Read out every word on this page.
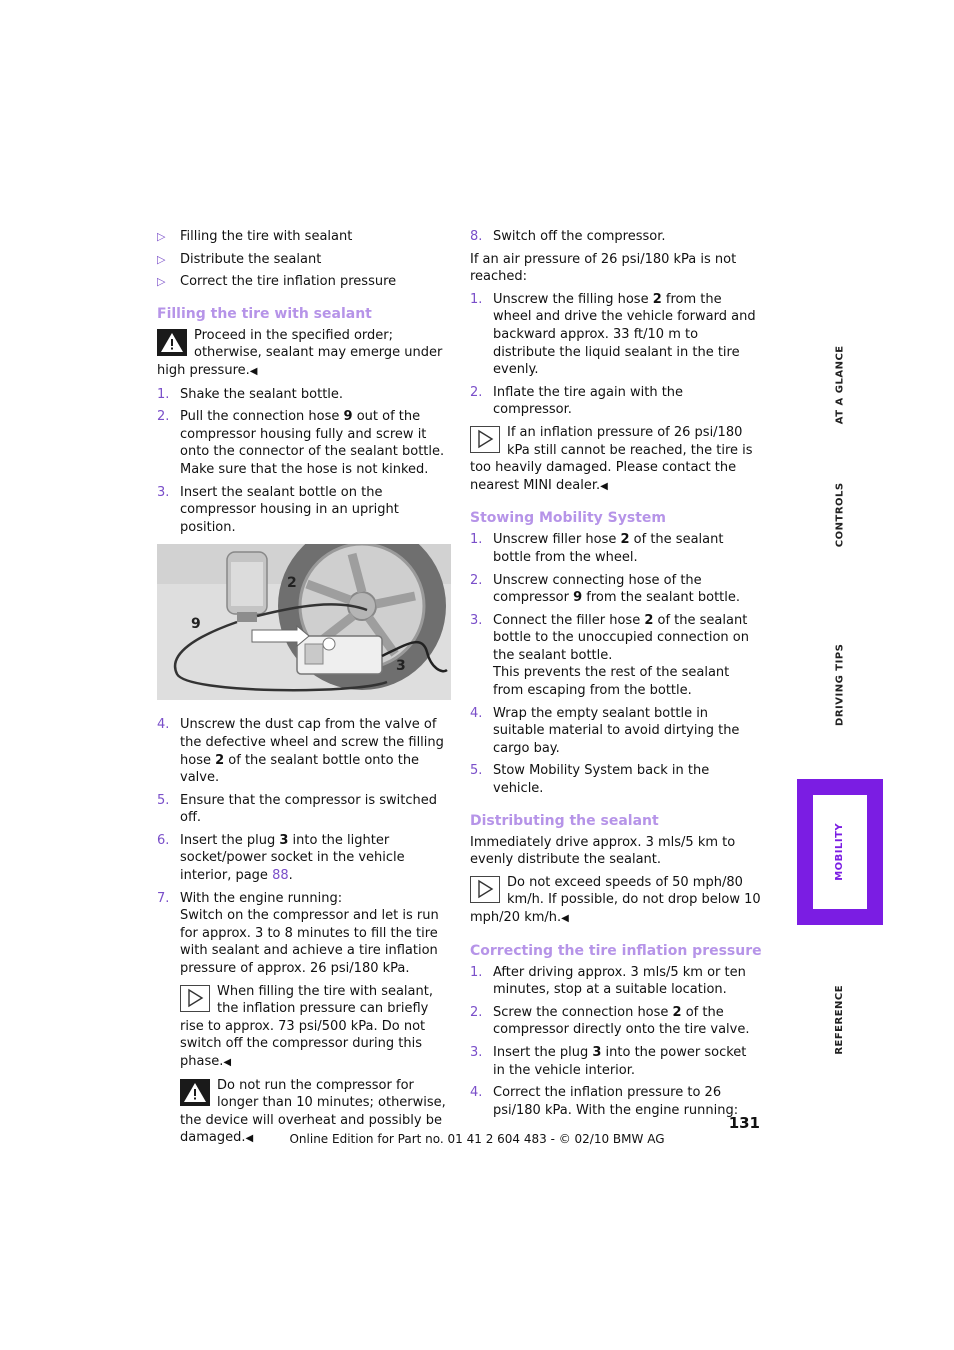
▷ Filling the tire with sealant
▷ Distribute the sealant
▷ Correct the tire inflation pressure
Filling the tire with sealant
Proceed in the specified order; otherwise, sealant may emerge under high pressure.◀
1. Shake the sealant bottle.
2. Pull the connection hose 9 out of the compressor housing fully and screw it onto the connector of the sealant bottle. Make sure that the hose is not kinked.
3. Insert the sealant bottle on the compressor housing in an upright position.
9
2
3
4. Unscrew the dust cap from the valve of the defective wheel and screw the filling hose 2 of the sealant bottle onto the valve.
5. Ensure that the compressor is switched off.
6. Insert the plug 3 into the lighter socket/power socket in the vehicle interior, page 88.
7. With the engine running:
Switch on the compressor and let is run for approx. 3 to 8 minutes to fill the tire with sealant and achieve a tire inflation pressure of approx. 26 psi/180 kPa.
When filling the tire with sealant, the inflation pressure can briefly rise to approx. 73 psi/500 kPa. Do not switch off the compressor during this phase.◀
Do not run the compressor for longer than 10 minutes; otherwise, the device will overheat and possibly be damaged.◀
8. Switch off the compressor.

If an air pressure of 26 psi/180 kPa is not reached:

1. Unscrew the filling hose 2 from the wheel and drive the vehicle forward and backward approx. 33 ft/10 m to distribute the liquid sealant in the tire evenly.
2. Inflate the tire again with the compressor.
If an inflation pressure of 26 psi/180 kPa still cannot be reached, the tire is too heavily damaged. Please contact the nearest MINI dealer.◀
Stowing Mobility System
1. Unscrew filler hose 2 of the sealant bottle from the wheel.
2. Unscrew connecting hose of the compressor 9 from the sealant bottle.
3. Connect the filler hose 2 of the sealant bottle to the unoccupied connection on the sealant bottle.
This prevents the rest of the sealant from escaping from the bottle.
4. Wrap the empty sealant bottle in suitable material to avoid dirtying the cargo bay.
5. Stow Mobility System back in the vehicle.
Distributing the sealant

Immediately drive approx. 3 mls/5 km to evenly distribute the sealant.

Do not exceed speeds of 50 mph/80 km/h. If possible, do not drop below 10 mph/20 km/h.◀
Correcting the tire inflation pressure
1. After driving approx. 3 mls/5 km or ten minutes, stop at a suitable location.
2. Screw the connection hose 2 of the compressor directly onto the tire valve.
3. Insert the plug 3 into the power socket in the vehicle interior.
4. Correct the inflation pressure to 26 psi/180 kPa. With the engine running:
AT A GLANCE
CONTROLS
DRIVING TIPS
MOBILITY
REFERENCE
131
Online Edition for Part no. 01 41 2 604 483 - © 02/10 BMW AG
